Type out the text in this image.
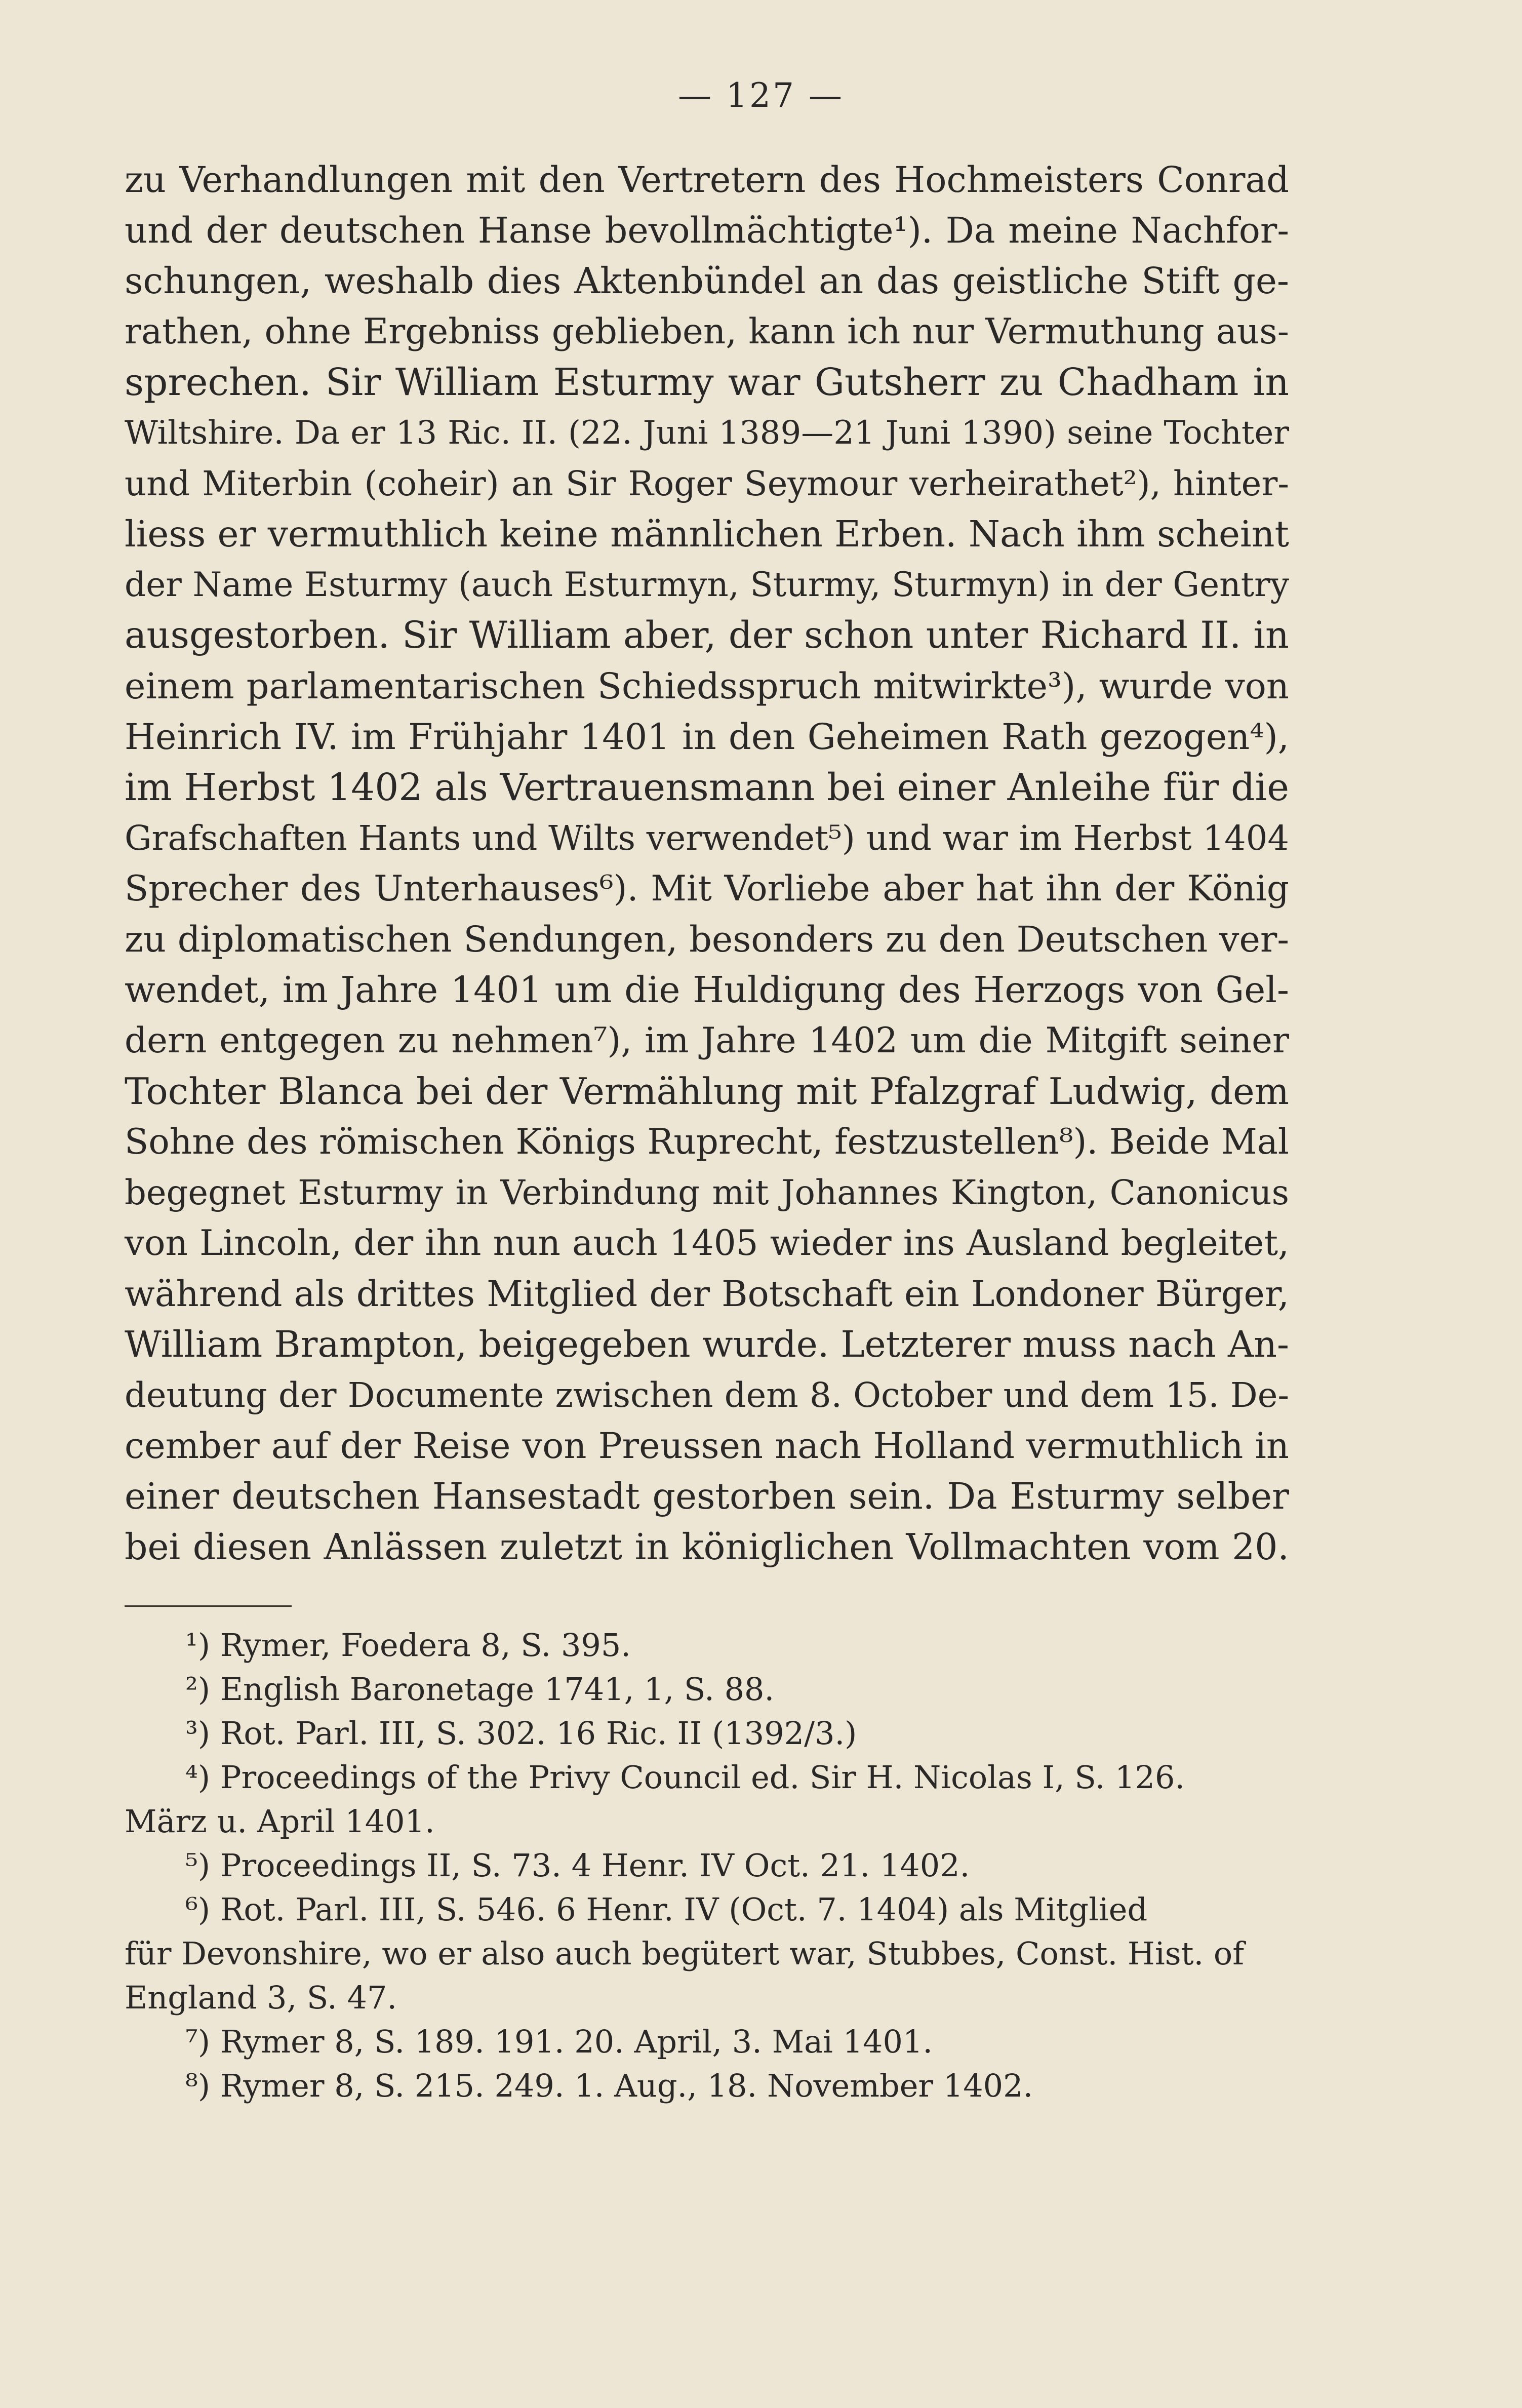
— 127 —
zu Verhandlungen mit den Vertretern des Hochmeisters Conrad
und der deutschen Hanse bevollmächtigte¹). Da meine Nachfor-
schungen, weshalb dies Aktenbündel an das geistliche Stift ge-
rathen, ohne Ergebniss geblieben, kann ich nur Vermuthung aus-
sprechen. Sir William Esturmy war Gutsherr zu Chadham in
Wiltshire. Da er 13 Ric. II. (22. Juni 1389—21 Juni 1390) seine Tochter
und Miterbin (coheir) an Sir Roger Seymour verheirathet²), hinter-
liess er vermuthlich keine männlichen Erben. Nach ihm scheint
der Name Esturmy (auch Esturmyn, Sturmy, Sturmyn) in der Gentry
ausgestorben. Sir William aber, der schon unter Richard II. in
einem parlamentarischen Schiedsspruch mitwirkte³), wurde von
Heinrich IV. im Frühjahr 1401 in den Geheimen Rath gezogen⁴),
im Herbst 1402 als Vertrauensmann bei einer Anleihe für die
Grafschaften Hants und Wilts verwendet⁵) und war im Herbst 1404
Sprecher des Unterhauses⁶). Mit Vorliebe aber hat ihn der König
zu diplomatischen Sendungen, besonders zu den Deutschen ver-
wendet, im Jahre 1401 um die Huldigung des Herzogs von Gel-
dern entgegen zu nehmen⁷), im Jahre 1402 um die Mitgift seiner
Tochter Blanca bei der Vermählung mit Pfalzgraf Ludwig, dem
Sohne des römischen Königs Ruprecht, festzustellen⁸). Beide Mal
begegnet Esturmy in Verbindung mit Johannes Kington, Canonicus
von Lincoln, der ihn nun auch 1405 wieder ins Ausland begleitet,
während als drittes Mitglied der Botschaft ein Londoner Bürger,
William Brampton, beigegeben wurde. Letzterer muss nach An-
deutung der Documente zwischen dem 8. October und dem 15. De-
cember auf der Reise von Preussen nach Holland vermuthlich in
einer deutschen Hansestadt gestorben sein. Da Esturmy selber
bei diesen Anlässen zuletzt in königlichen Vollmachten vom 20.
¹) Rymer, Foedera 8, S. 395.
²) English Baronetage 1741, 1, S. 88.
³) Rot. Parl. III, S. 302. 16 Ric. II (1392/3.)
⁴) Proceedings of the Privy Council ed. Sir H. Nicolas I, S. 126.
März u. April 1401.
⁵) Proceedings II, S. 73. 4 Henr. IV Oct. 21. 1402.
⁶) Rot. Parl. III, S. 546. 6 Henr. IV (Oct. 7. 1404) als Mitglied
für Devonshire, wo er also auch begütert war, Stubbes, Const. Hist. of
England 3, S. 47.
⁷) Rymer 8, S. 189. 191. 20. April, 3. Mai 1401.
⁸) Rymer 8, S. 215. 249. 1. Aug., 18. November 1402.
